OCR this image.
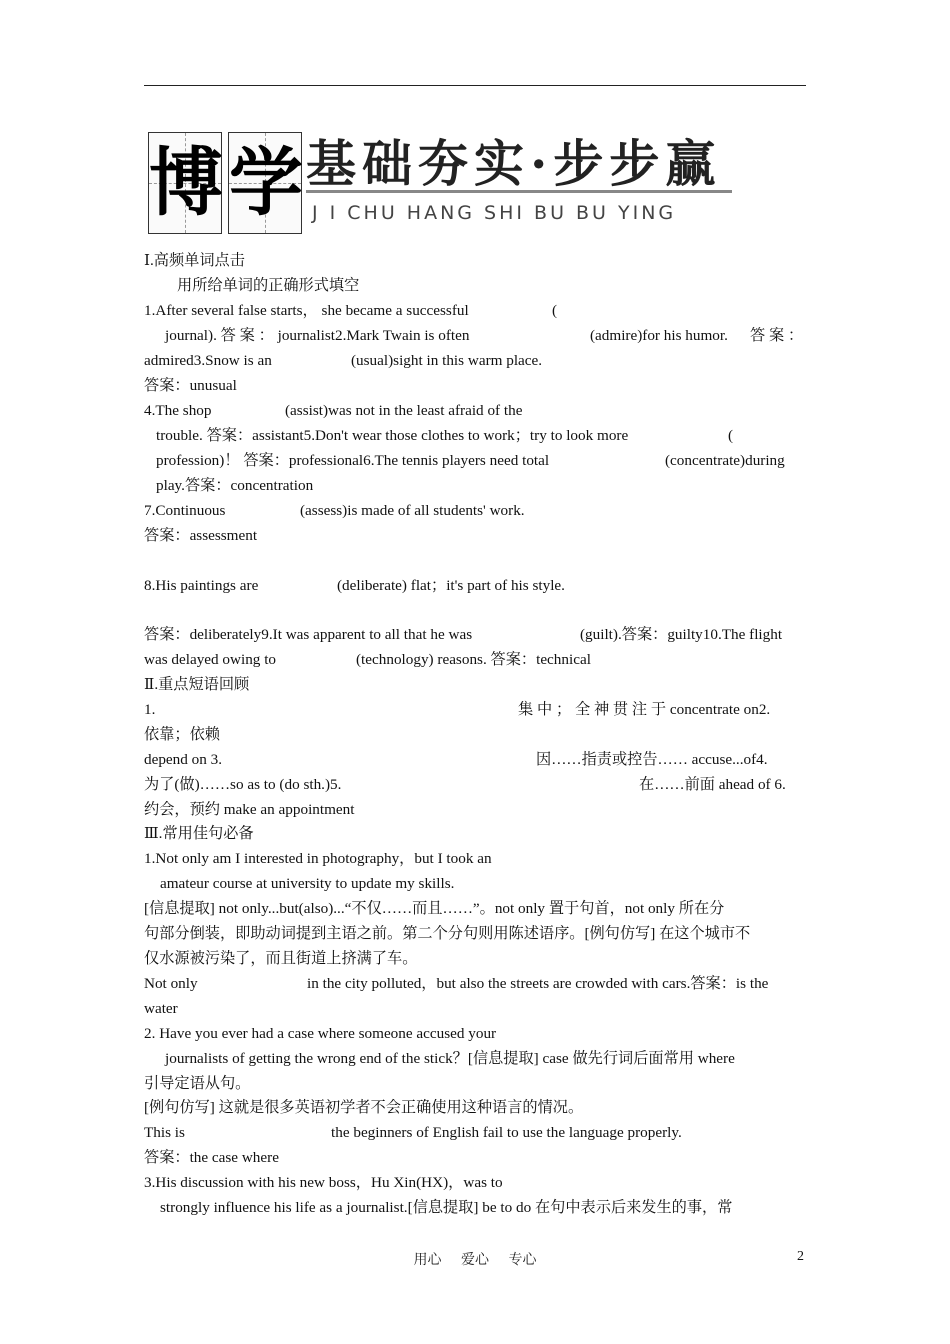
博 学 基础夯实·步步赢
J I CHU HANG SHI BU BU YING
Ⅰ.高频单词点击
用所给单词的正确形式填空
1.After several false starts， she became a successful	(
journal). 答 案 ： journalist2.Mark Twain is often	(admire)for his humor. 答 案 ：
admired3.Snow is an	(usual)sight in this warm place.
答案：unusual
4.The shop	(assist)was not in the least afraid of the
trouble. 答案：assistant5.Don't wear those clothes to work；try to look more	(
profession)！ 答案：professional6.The tennis players need total	(concentrate)during
play.答案：concentration
7.Continuous	(assess)is made of all students' work.
答案：assessment
8.His paintings are	(deliberate) flat；it's part of his style.
答案：deliberately9.It was apparent to all that he was	(guilt).答案：guilty10.The flight
was delayed owing to	(technology) reasons. 答案：technical
Ⅱ.重点短语回顾
1.	集 中 ； 全 神 贯 注 于 concentrate on2.
依靠；依赖
depend on 3.	因……指责或控告…… accuse...of4.
为了(做)……so as to (do sth.)5.	在……前面 ahead of 6.
约会，预约 make an appointment
Ⅲ.常用佳句必备
1.Not only am I interested in photography，but I took an
amateur course at university to update my skills.
[信息提取] not only...but(also)...“不仅……而且……”。not only 置于句首，not only 所在分
句部分倒装，即助动词提到主语之前。第二个分句则用陈述语序。[例句仿写] 在这个城市不
仅水源被污染了，而且街道上挤满了车。
Not only	in the city polluted，but also the streets are crowded with cars.答案：is the
water
2. Have you ever had a case where someone accused your
journalists of getting the wrong end of the stick？[信息提取] case 做先行词后面常用 where
引导定语从句。
[例句仿写] 这就是很多英语初学者不会正确使用这种语言的情况。
This is	the beginners of English fail to use the language properly.
答案：the case where
3.His discussion with his new boss，Hu Xin(HX)，was to
strongly influence his life as a journalist.[信息提取] be to do 在句中表示后来发生的事，常
用心 爱心 专心	2
